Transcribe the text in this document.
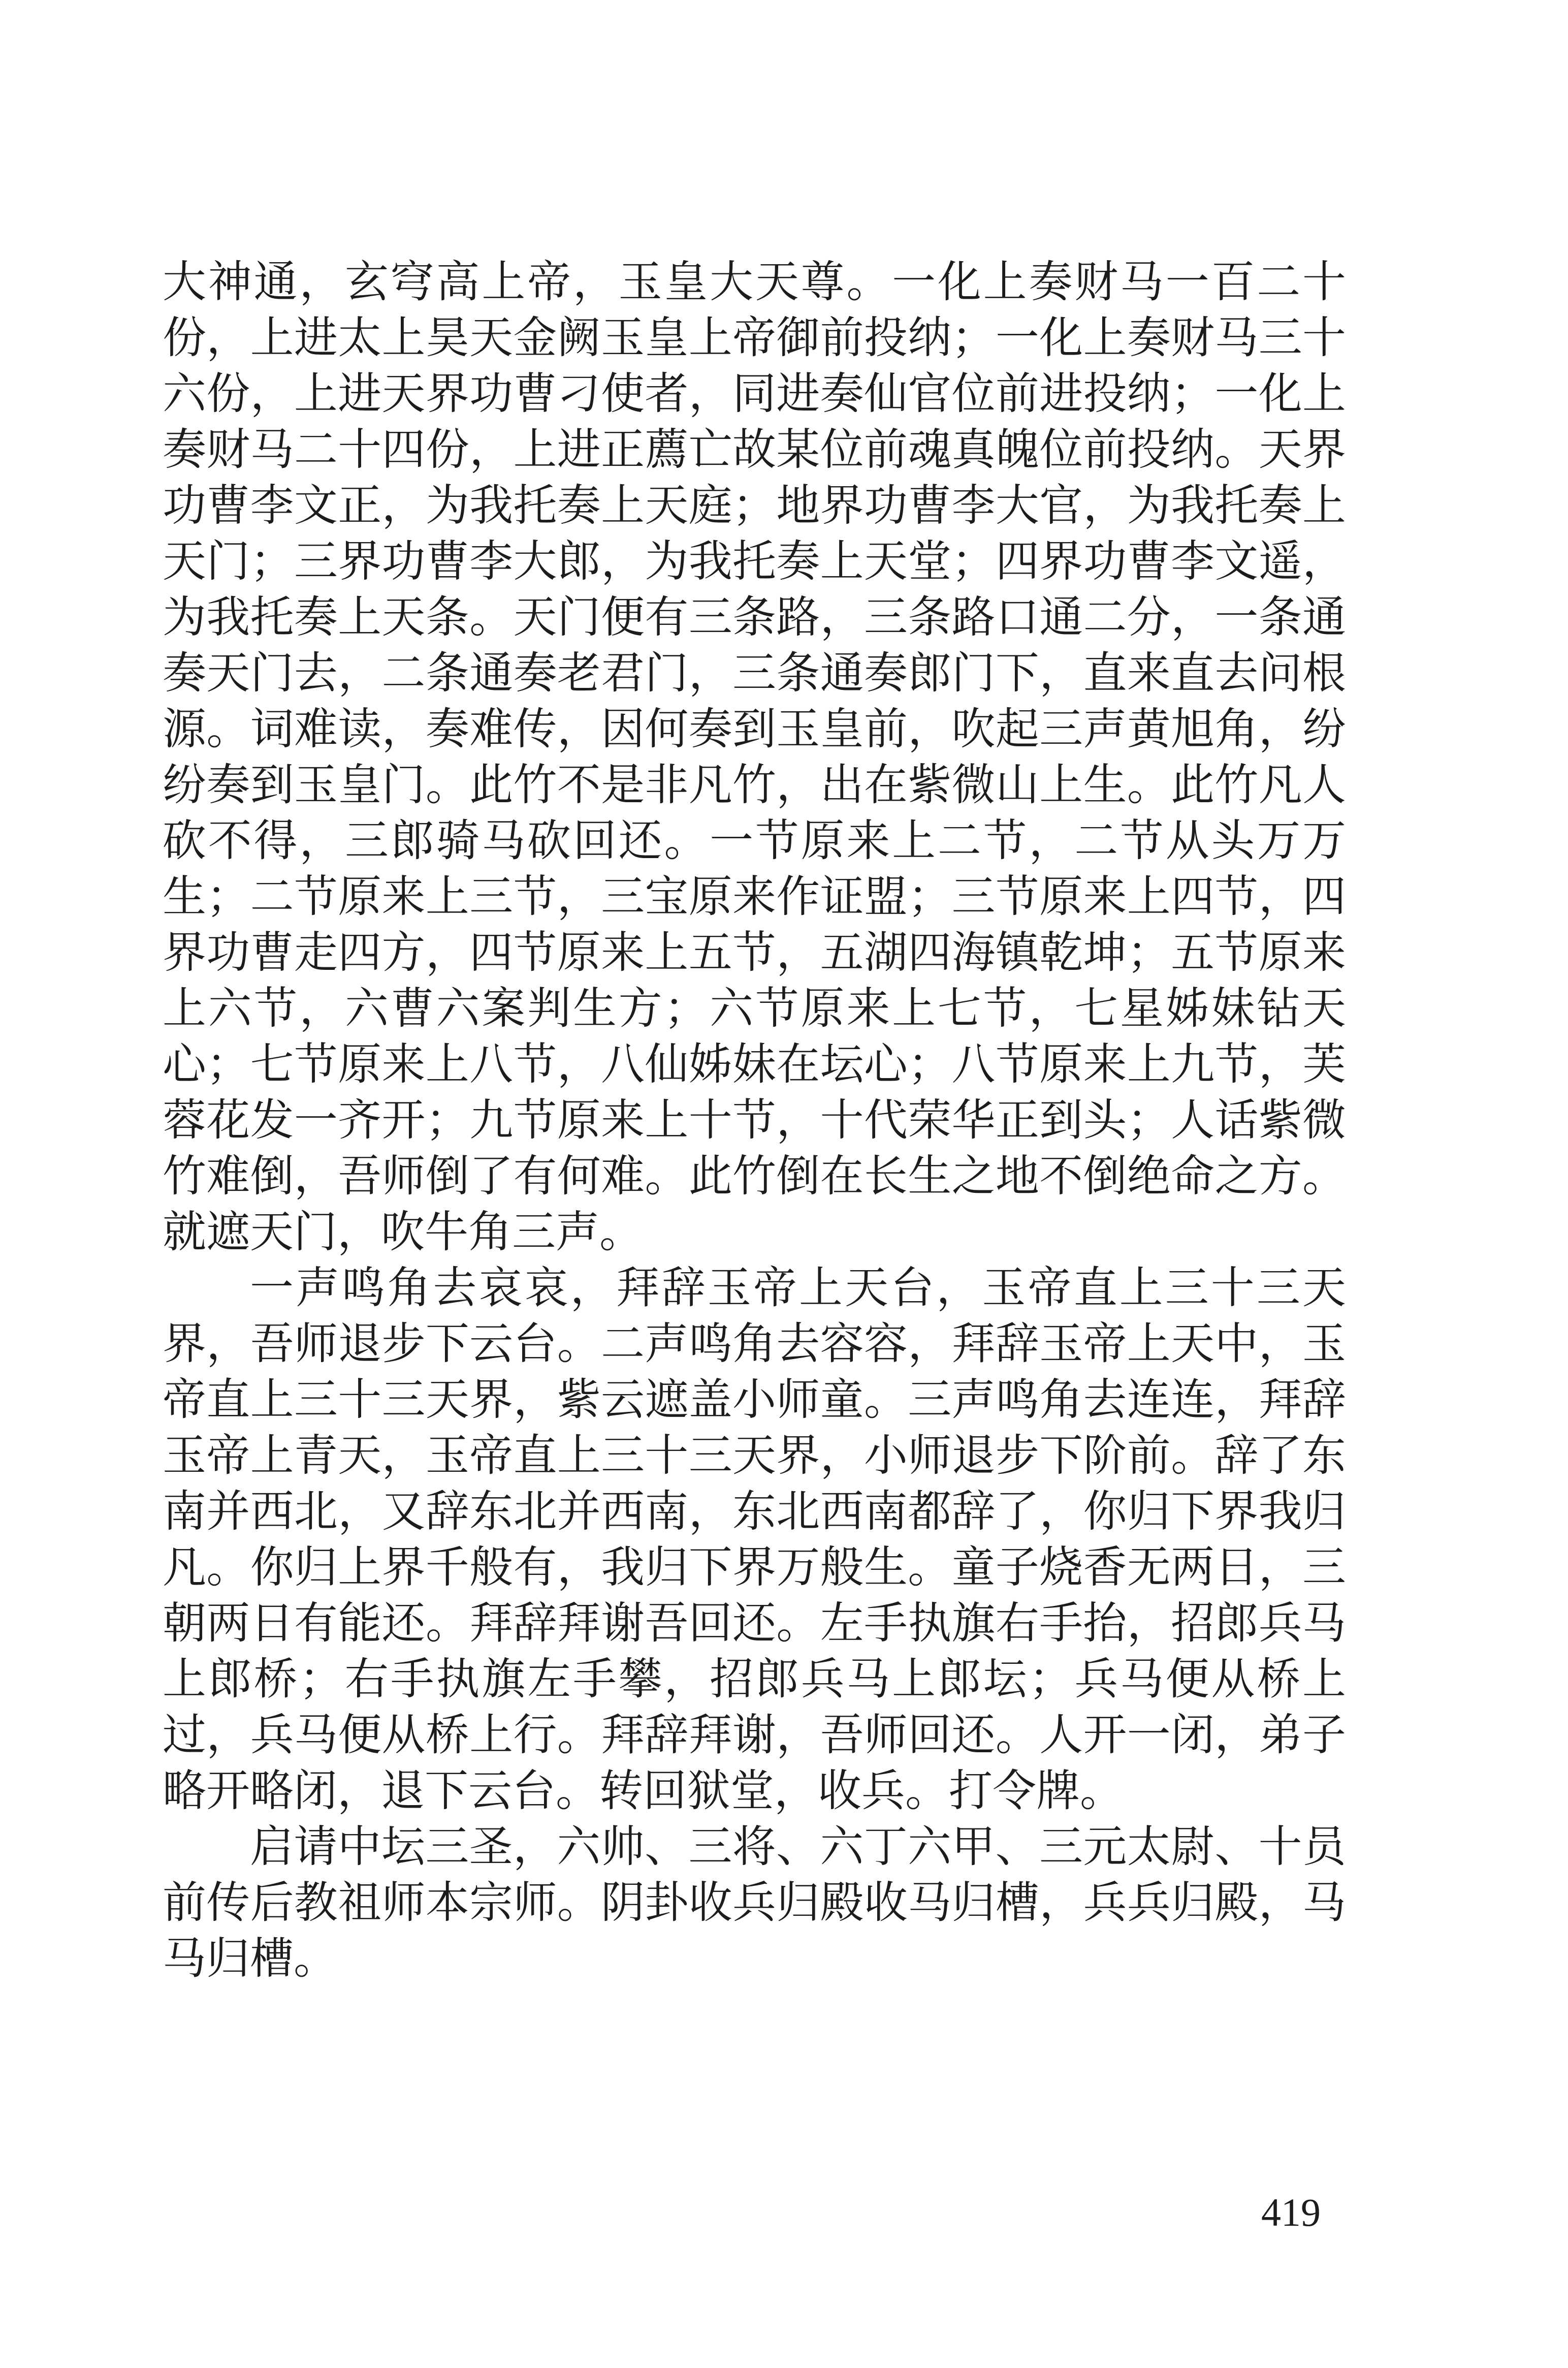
大神通，玄穹高上帝，玉皇大天尊。一化上奏财马一百二十份，上进太上昊天金阙玉皇上帝御前投纳；一化上奏财马三十六份，上进天界功曹刁使者，同进奏仙官位前进投纳；一化上奏财马二十四份，上进正薦亡故某位前魂真魄位前投纳。天界功曹李文正，为我托奏上天庭；地界功曹李大官，为我托奏上天门；三界功曹李大郎，为我托奏上天堂；四界功曹李文遥，为我托奏上天条。天门便有三条路，三条路口通二分，一条通奏天门去，二条通奏老君门，三条通奏郎门下，直来直去问根源。词难读，奏难传，因何奏到玉皇前，吹起三声黄旭角，纷纷奏到玉皇门。此竹不是非凡竹，出在紫微山上生。此竹凡人砍不得，三郎骑马砍回还。一节原来上二节，二节从头万万生；二节原来上三节，三宝原来作证盟；三节原来上四节，四界功曹走四方，四节原来上五节，五湖四海镇乾坤；五节原来上六节，六曹六案判生方；六节原来上七节，七星姊妹钻天心；七节原来上八节，八仙姊妹在坛心；八节原来上九节，芙蓉花发一齐开；九节原来上十节，十代荣华正到头；人话紫微竹难倒，吾师倒了有何难。此竹倒在长生之地不倒绝命之方。就遮天门，吹牛角三声。

一声鸣角去哀哀，拜辞玉帝上天台，玉帝直上三十三天界，吾师退步下云台。二声鸣角去容容，拜辞玉帝上天中，玉帝直上三十三天界，紫云遮盖小师童。三声鸣角去连连，拜辞玉帝上青天，玉帝直上三十三天界，小师退步下阶前。辞了东南并西北，又辞东北并西南，东北西南都辞了，你归下界我归凡。你归上界千般有，我归下界万般生。童子烧香无两日，三朝两日有能还。拜辞拜谢吾回还。左手执旗右手抬，招郎兵马上郎桥；右手执旗左手攀，招郎兵马上郎坛；兵马便从桥上过，兵马便从桥上行。拜辞拜谢，吾师回还。人开一闭，弟子略开略闭，退下云台。转回狱堂，收兵。打令牌。

启请中坛三圣，六帅、三将、六丁六甲、三元太尉、十员前传后教祖师本宗师。阴卦收兵归殿收马归槽，兵兵归殿，马马归槽。

419
